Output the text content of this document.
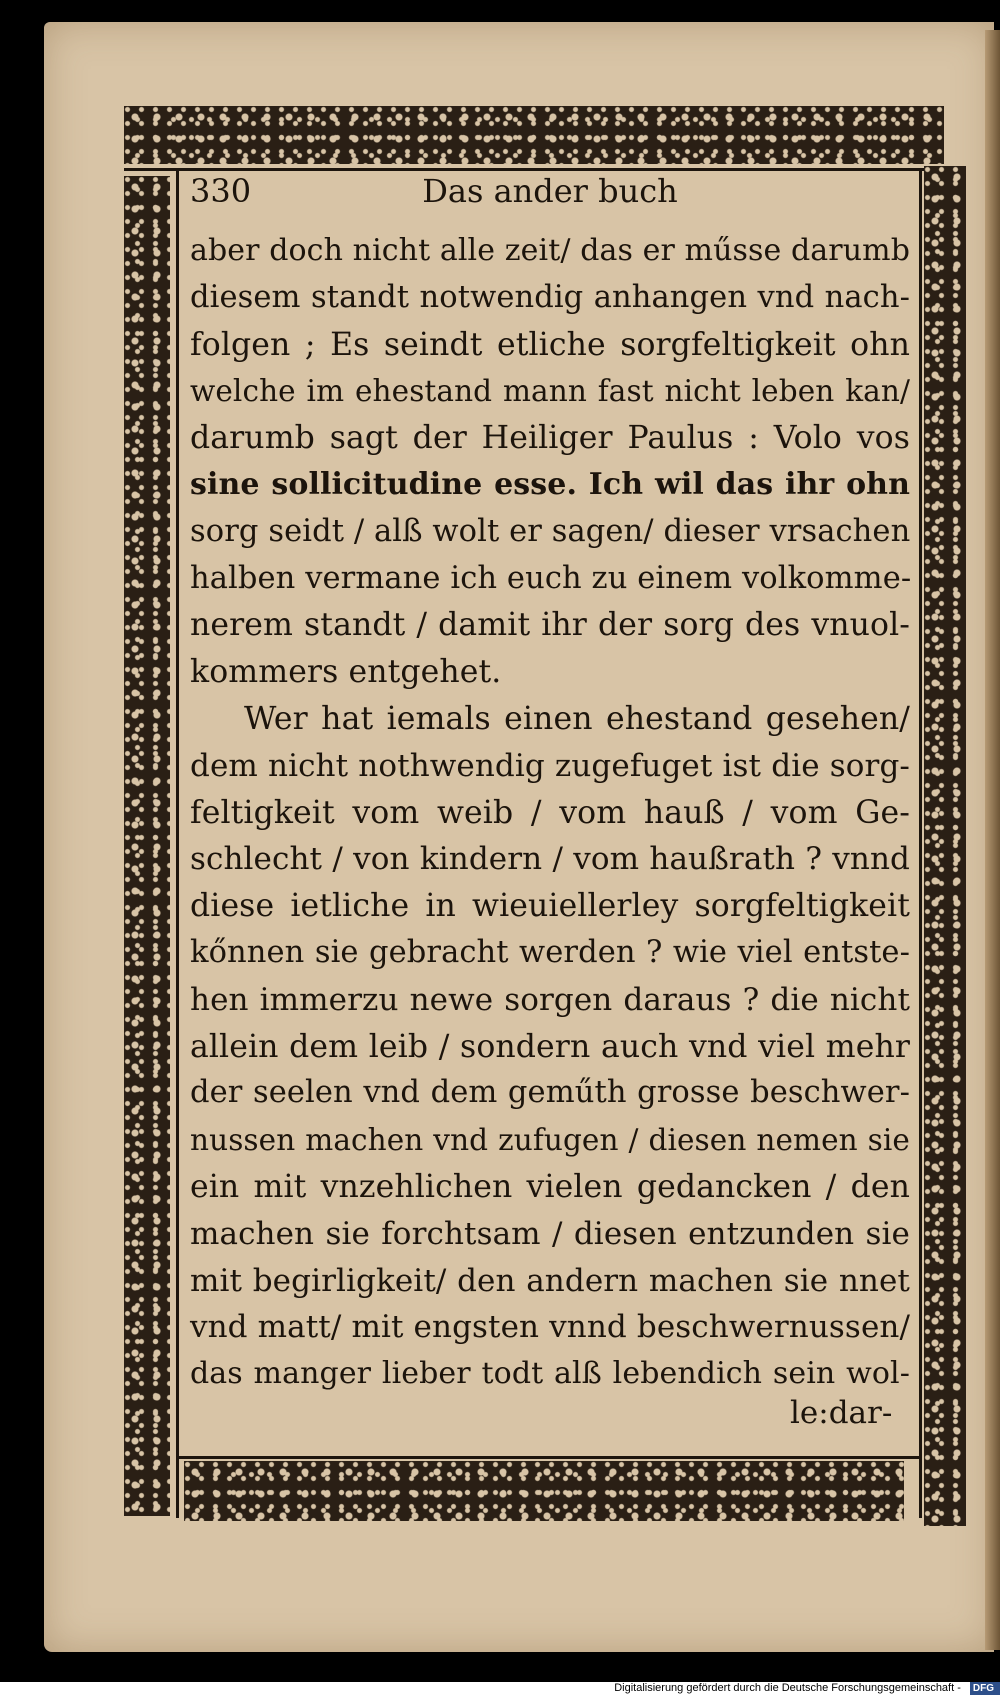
330	Das ander buch
aber doch nicht alle zeit/ das er műsse darumb
diesem standt notwendig anhangen vnd nach-
folgen ; Es seindt etliche sorgfeltigkeit ohn
welche im ehestand mann fast nicht leben kan/
darumb sagt der Heiliger Paulus : Volo vos
sine sollicitudine esse. Ich wil das ihr ohn
sorg seidt / alß wolt er sagen/ dieser vrsachen
halben vermane ich euch zu einem volkomme-
nerem standt / damit ihr der sorg des vnuol-
kommers entgehet.
Wer hat iemals einen ehestand gesehen/
dem nicht nothwendig zugefuget ist die sorg-
feltigkeit vom weib / vom hauß / vom Ge-
schlecht / von kindern / vom haußrath ? vnnd
diese ietliche in wieuiellerley sorgfeltigkeit
kőnnen sie gebracht werden ? wie viel entste-
hen immerzu newe sorgen daraus ? die nicht
allein dem leib / sondern auch vnd viel mehr
der seelen vnd dem geműth grosse beschwer-
nussen machen vnd zufugen / diesen nemen sie
ein mit vnzehlichen vielen gedancken / den
machen sie forchtsam / diesen entzunden sie
mit begirligkeit/ den andern machen sie nnet
vnd matt/ mit engsten vnnd beschwernussen/
das manger lieber todt alß lebendich sein wol-
le:dar-
Digitalisierung gefördert durch die Deutsche Forschungsgemeinschaft - DFG
